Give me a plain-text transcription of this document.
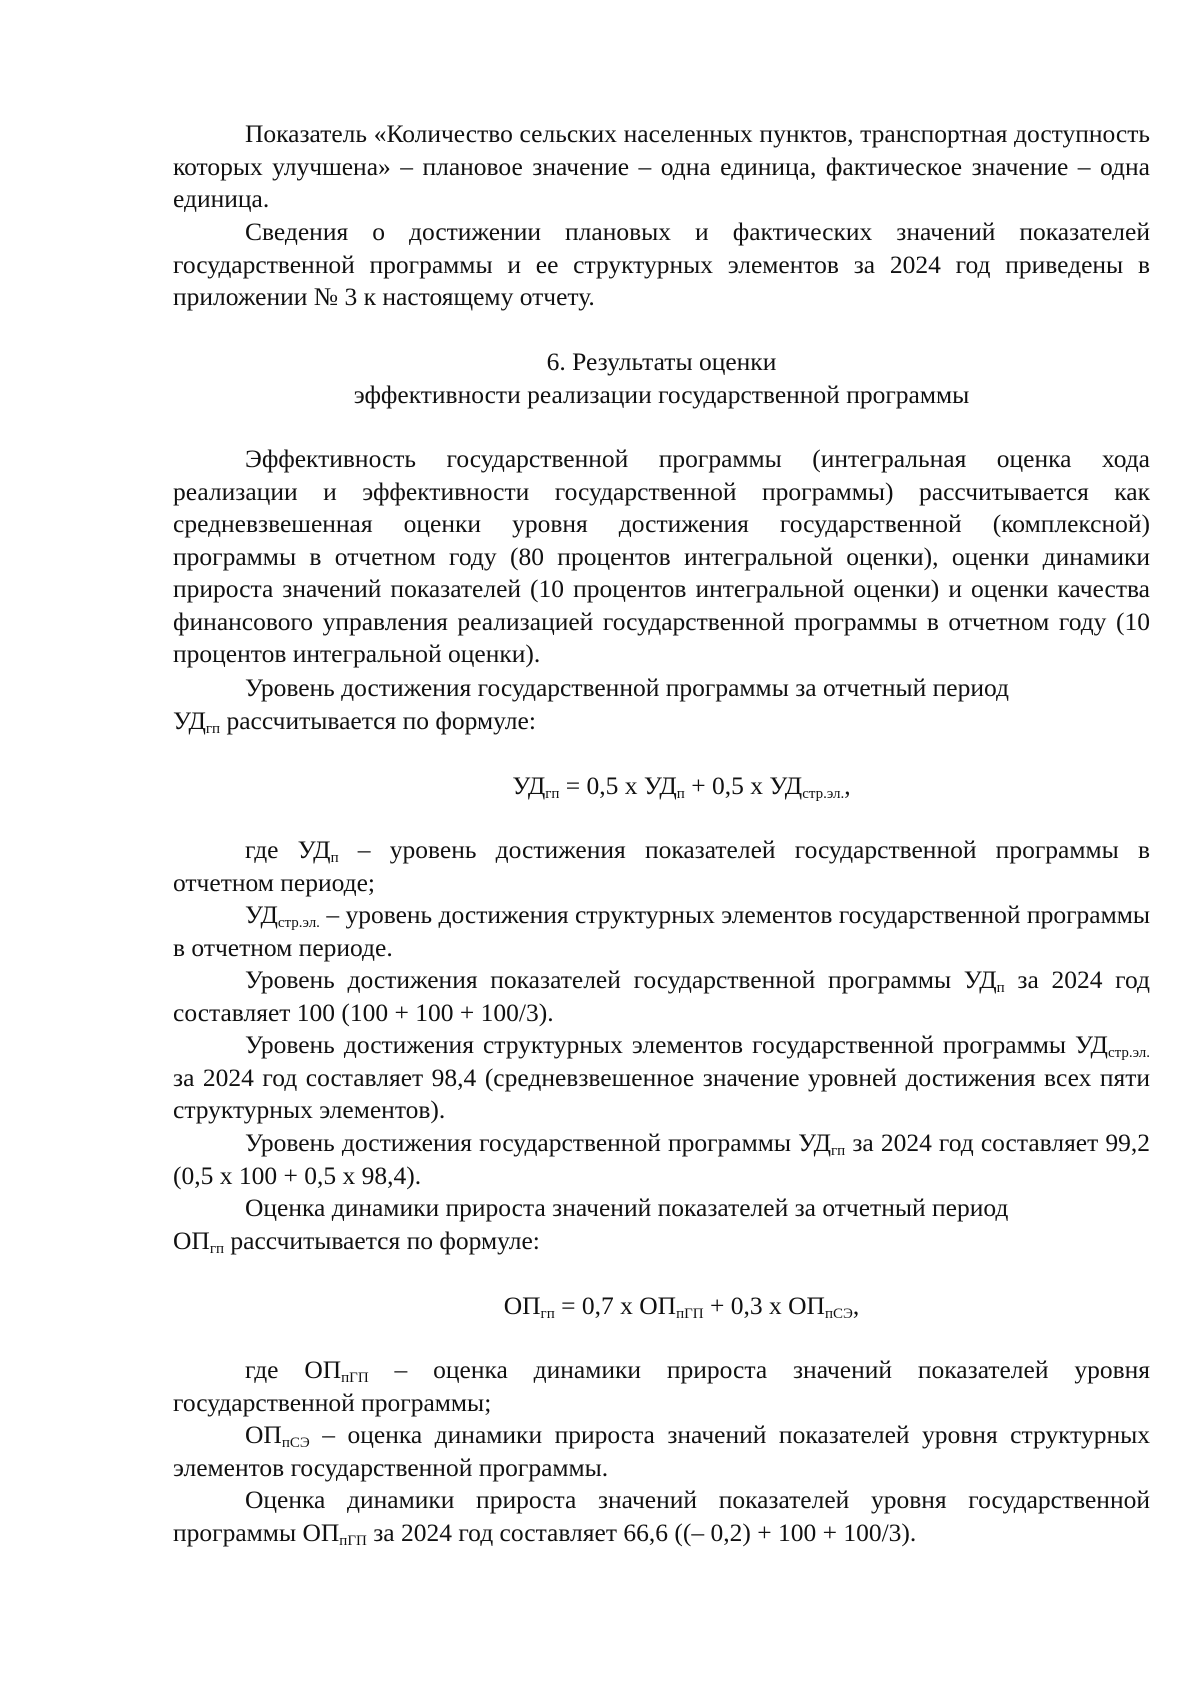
Показатель «Количество сельских населенных пунктов, транспортная доступность которых улучшена» – плановое значение – одна единица, фактическое значение – одна единица.

Сведения о достижении плановых и фактических значений показателей государственной программы и ее структурных элементов за 2024 год приведены в приложении № 3 к настоящему отчету.

6. Результаты оценки

эффективности реализации государственной программы

Эффективность государственной программы (интегральная оценка хода реализации и эффективности государственной программы) рассчитывается как средневзвешенная оценки уровня достижения государственной (комплексной) программы в отчетном году (80 процентов интегральной оценки), оценки динамики прироста значений показателей (10 процентов интегральной оценки) и оценки качества финансового управления реализацией государственной программы в отчетном году (10 процентов интегральной оценки).

Уровень достижения государственной программы за отчетный период
$УД_{гп}$ рассчитывается по формуле:

$УД_{гп} = 0,5$ х $УД_п + 0,5$ х $УД_{стр.эл.}$,

где $УД_п$ – уровень достижения показателей государственной программы в отчетном периоде;

$УД_{стр.эл.}$ – уровень достижения структурных элементов государственной программы в отчетном периоде.

Уровень достижения показателей государственной программы $УД_п$ за 2024 год составляет 100 (100 + 100 + 100/3).

Уровень достижения структурных элементов государственной программы $УД_{стр.эл.}$ за 2024 год составляет 98,4 (средневзвешенное значение уровней достижения всех пяти структурных элементов).

Уровень достижения государственной программы $УД_{гп}$ за 2024 год составляет 99,2 (0,5 х 100 + 0,5 х 98,4).

Оценка динамики прироста значений показателей за отчетный период
$ОП_{гп}$ рассчитывается по формуле:

$ОП_{гп} = 0,7$ х $ОП_{пГП} + 0,3$ х $ОП_{пСЭ}$,

где $ОП_{пГП}$ – оценка динамики прироста значений показателей уровня государственной программы;

$ОП_{пСЭ}$ – оценка динамики прироста значений показателей уровня структурных элементов государственной программы.

Оценка динамики прироста значений показателей уровня государственной программы $ОП_{пГП}$ за 2024 год составляет 66,6 ((– 0,2) + 100 + 100/3).
